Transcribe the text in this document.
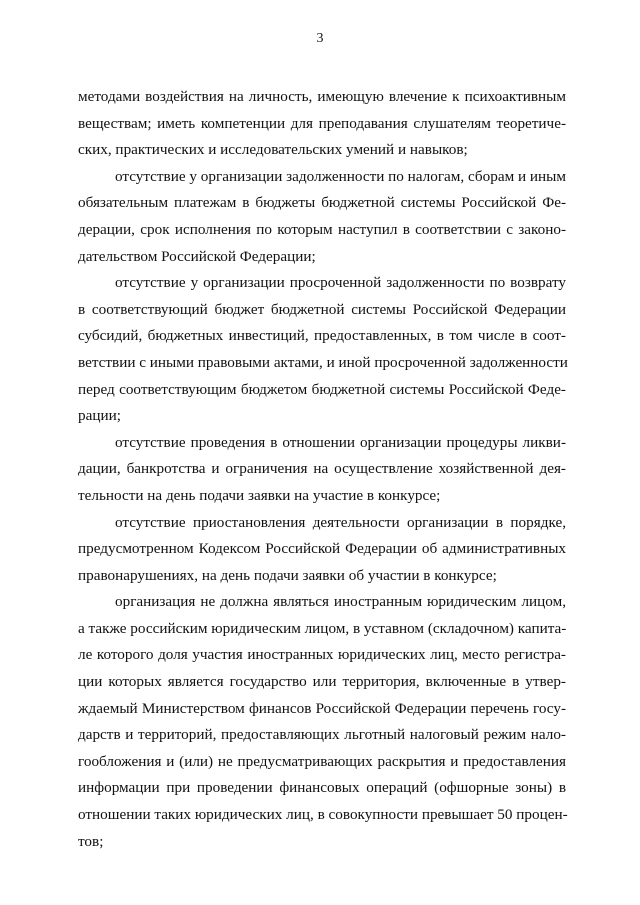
3
методами воздействия на личность, имеющую влечение к психоактивным
веществам; иметь компетенции для преподавания слушателям теоретиче-
ских, практических и исследовательских умений и навыков;
отсутствие у организации задолженности по налогам, сборам и иным
обязательным платежам в бюджеты бюджетной системы Российской Фе-
дерации, срок исполнения по которым наступил в соответствии с законо-
дательством Российской Федерации;
отсутствие у организации просроченной задолженности по возврату
в соответствующий бюджет бюджетной системы Российской Федерации
субсидий, бюджетных инвестиций, предоставленных, в том числе в соот-
ветствии с иными правовыми актами, и иной просроченной задолженности
перед соответствующим бюджетом бюджетной системы Российской Феде-
рации;
отсутствие проведения в отношении организации процедуры ликви-
дации, банкротства и ограничения на осуществление хозяйственной дея-
тельности на день подачи заявки на участие в конкурсе;
отсутствие приостановления деятельности организации в порядке,
предусмотренном Кодексом Российской Федерации об административных
правонарушениях, на день подачи заявки об участии в конкурсе;
организация не должна являться иностранным юридическим лицом,
а также российским юридическим лицом, в уставном (складочном) капита-
ле которого доля участия иностранных юридических лиц, место регистра-
ции которых является государство или территория, включенные в утвер-
ждаемый Министерством финансов Российской Федерации перечень госу-
дарств и территорий, предоставляющих льготный налоговый режим нало-
гообложения и (или) не предусматривающих раскрытия и предоставления
информации при проведении финансовых операций (офшорные зоны) в
отношении таких юридических лиц, в совокупности превышает 50 процен-
тов;
